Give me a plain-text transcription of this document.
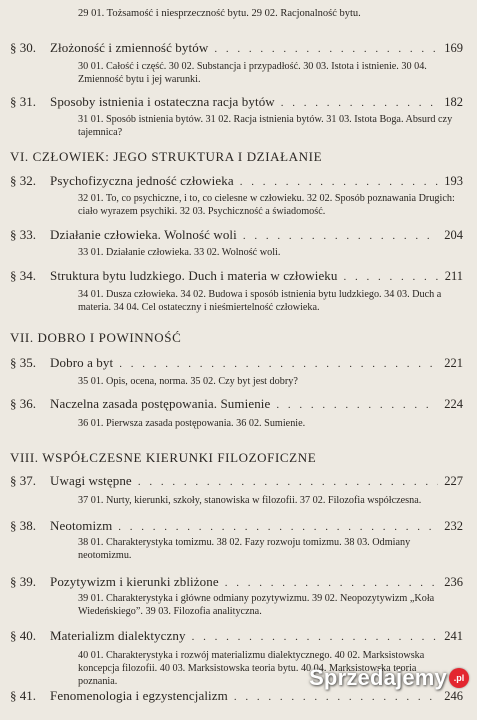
29 01. Tożsamość i niesprzeczność bytu. 29 02. Racjonalność bytu.
§ 30.	Złożoność i zmienność bytów . . .	169
30 01. Całość i część. 30 02. Substancja i przypadłość. 30 03. Istota i istnienie. 30 04. Zmienność bytu i jej warunki.
§ 31.	Sposoby istnienia i ostateczna racja bytów . . .	182
31 01. Sposób istnienia bytów. 31 02. Racja istnienia bytów. 31 03. Istota Boga. Absurd czy tajemnica?
VI. CZŁOWIEK: JEGO STRUKTURA I DZIAŁANIE
§ 32.	Psychofizyczna jedność człowieka . . .	193
32 01. To, co psychiczne, i to, co cielesne w człowieku. 32 02. Sposób poznawania Drugich: ciało wyrazem psychiki. 32 03. Psychiczność a świadomość.
§ 33.	Działanie człowieka. Wolność woli . . .	204
33 01. Działanie człowieka. 33 02. Wolność woli.
§ 34.	Struktura bytu ludzkiego. Duch i materia w człowieku . . .	211
34 01. Dusza człowieka. 34 02. Budowa i sposób istnienia bytu ludzkiego. 34 03. Duch a materia. 34 04. Cel ostateczny i nieśmiertelność człowieka.
VII. DOBRO I POWINNOŚĆ
§ 35.	Dobro a byt . . .	221
35 01. Opis, ocena, norma. 35 02. Czy byt jest dobry?
§ 36.	Naczelna zasada postępowania. Sumienie . . .	224
36 01. Pierwsza zasada postępowania. 36 02. Sumienie.
VIII. WSPÓŁCZESNE KIERUNKI FILOZOFICZNE
§ 37.	Uwagi wstępne . . .	227
37 01. Nurty, kierunki, szkoły, stanowiska w filozofii. 37 02. Filozofia współczesna.
§ 38.	Neotomizm . . .	232
38 01. Charakterystyka tomizmu. 38 02. Fazy rozwoju tomizmu. 38 03. Odmiany neotomizmu.
§ 39.	Pozytywizm i kierunki zbliżone . . .	236
39 01. Charakterystyka i główne odmiany pozytywizmu. 39 02. Neopozytywizm „Koła Wiedeńskiego”. 39 03. Filozofia analityczna.
§ 40.	Materializm dialektyczny . . .	241
40 01. Charakterystyka i rozwój materializmu dialektycznego. 40 02. Marksistowska koncepcja filozofii. 40 03. Marksistowska teoria bytu. 40 04. Marksistowska teoria poznania.
§ 41.	Fenomenologia i egzystencjalizm . . .	246
Sprzedajemy .pl
